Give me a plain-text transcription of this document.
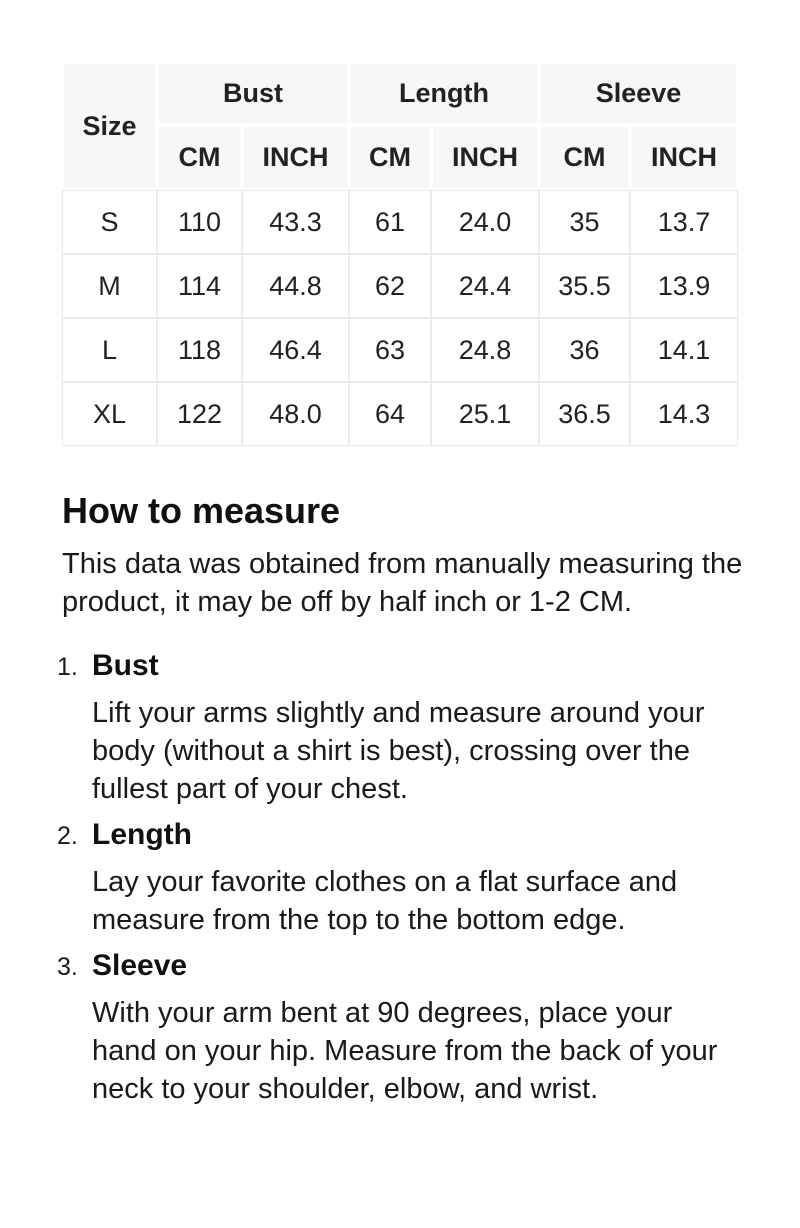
Size	Bust		Length		Sleeve	
	CM	INCH	CM	INCH	CM	INCH
S	110	43.3	61	24.0	35	13.7
M	114	44.8	62	24.4	35.5	13.9
L	118	46.4	63	24.8	36	14.1
XL	122	48.0	64	25.1	36.5	14.3
How to measure

This data was obtained from manually measuring the product, it may be off by half inch or 1-2 CM.

1. Bust

Lift your arms slightly and measure around your body (without a shirt is best), crossing over the fullest part of your chest.

2. Length

Lay your favorite clothes on a flat surface and measure from the top to the bottom edge.

3. Sleeve

With your arm bent at 90 degrees, place your hand on your hip. Measure from the back of your neck to your shoulder, elbow, and wrist.
